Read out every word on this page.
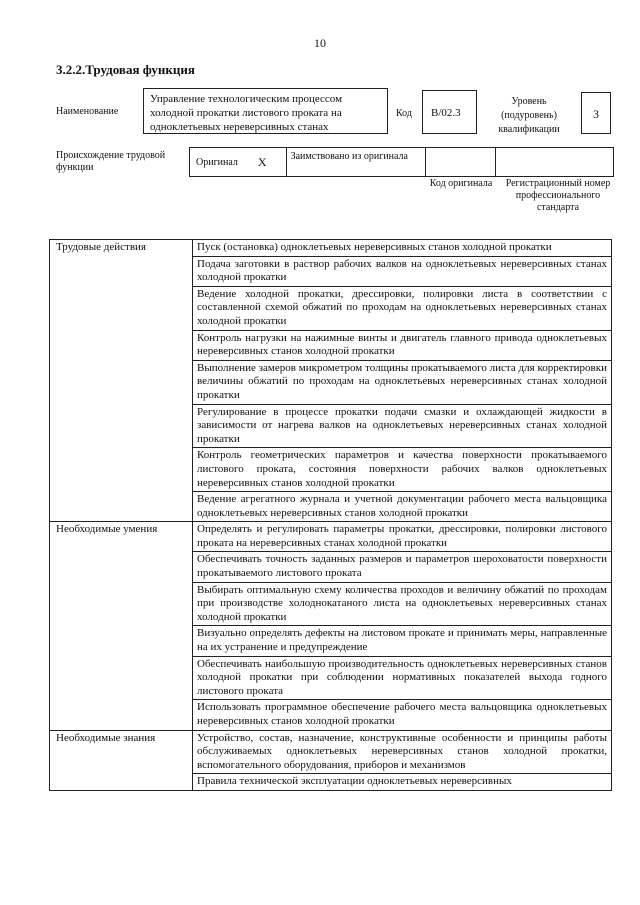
10
3.2.2.Трудовая функция
Наименование
Управление технологическим процессом холодной прокатки листового проката на одноклетьевых нереверсивных станах
Код	B/02.3
Уровень (подуровень) квалификации
3
Происхождение трудовой функции	Оригинал X	Заимствовано из оригинала
Код оригинала	Регистрационный номер профессионального стандарта
Трудовые действия	Пуск (остановка) одноклетьевых нереверсивных станов холодной прокатки
	Подача заготовки в раствор рабочих валков на одноклетьевых нереверсивных станах холодной прокатки
	Ведение холодной прокатки, дрессировки, полировки листа в соответствии с составленной схемой обжатий по проходам на одноклетьевых нереверсивных станах холодной прокатки
	Контроль нагрузки на нажимные винты и двигатель главного привода одноклетьевых нереверсивных станов холодной прокатки
	Выполнение замеров микрометром толщины прокатываемого листа для корректировки величины обжатий по проходам на одноклетьевых нереверсивных станах холодной прокатки
	Регулирование в процессе прокатки подачи смазки и охлаждающей жидкости в зависимости от нагрева валков на одноклетьевых нереверсивных станах холодной прокатки
	Контроль геометрических параметров и качества поверхности прокатываемого листового проката, состояния поверхности рабочих валков одноклетьевых нереверсивных станов холодной прокатки
	Ведение агрегатного журнала и учетной документации рабочего места вальцовщика одноклетьевых нереверсивных станов холодной прокатки
Необходимые умения	Определять и регулировать параметры прокатки, дрессировки, полировки листового проката на нереверсивных станах холодной прокатки
	Обеспечивать точность заданных размеров и параметров шероховатости поверхности прокатываемого листового проката
	Выбирать оптимальную схему количества проходов и величину обжатий по проходам при производстве холоднокатаного листа на одноклетьевых нереверсивных станах холодной прокатки
	Визуально определять дефекты на листовом прокате и принимать меры, направленные на их устранение и предупреждение
	Обеспечивать наибольшую производительность одноклетьевых нереверсивных станов холодной прокатки при соблюдении нормативных показателей выхода годного листового проката
	Использовать программное обеспечение рабочего места вальцовщика одноклетьевых нереверсивных станов холодной прокатки
Необходимые знания	Устройство, состав, назначение, конструктивные особенности и принципы работы обслуживаемых одноклетьевых нереверсивных станов холодной прокатки, вспомогательного оборудования, приборов и механизмов
	Правила технической эксплуатации одноклетьевых нереверсивных
